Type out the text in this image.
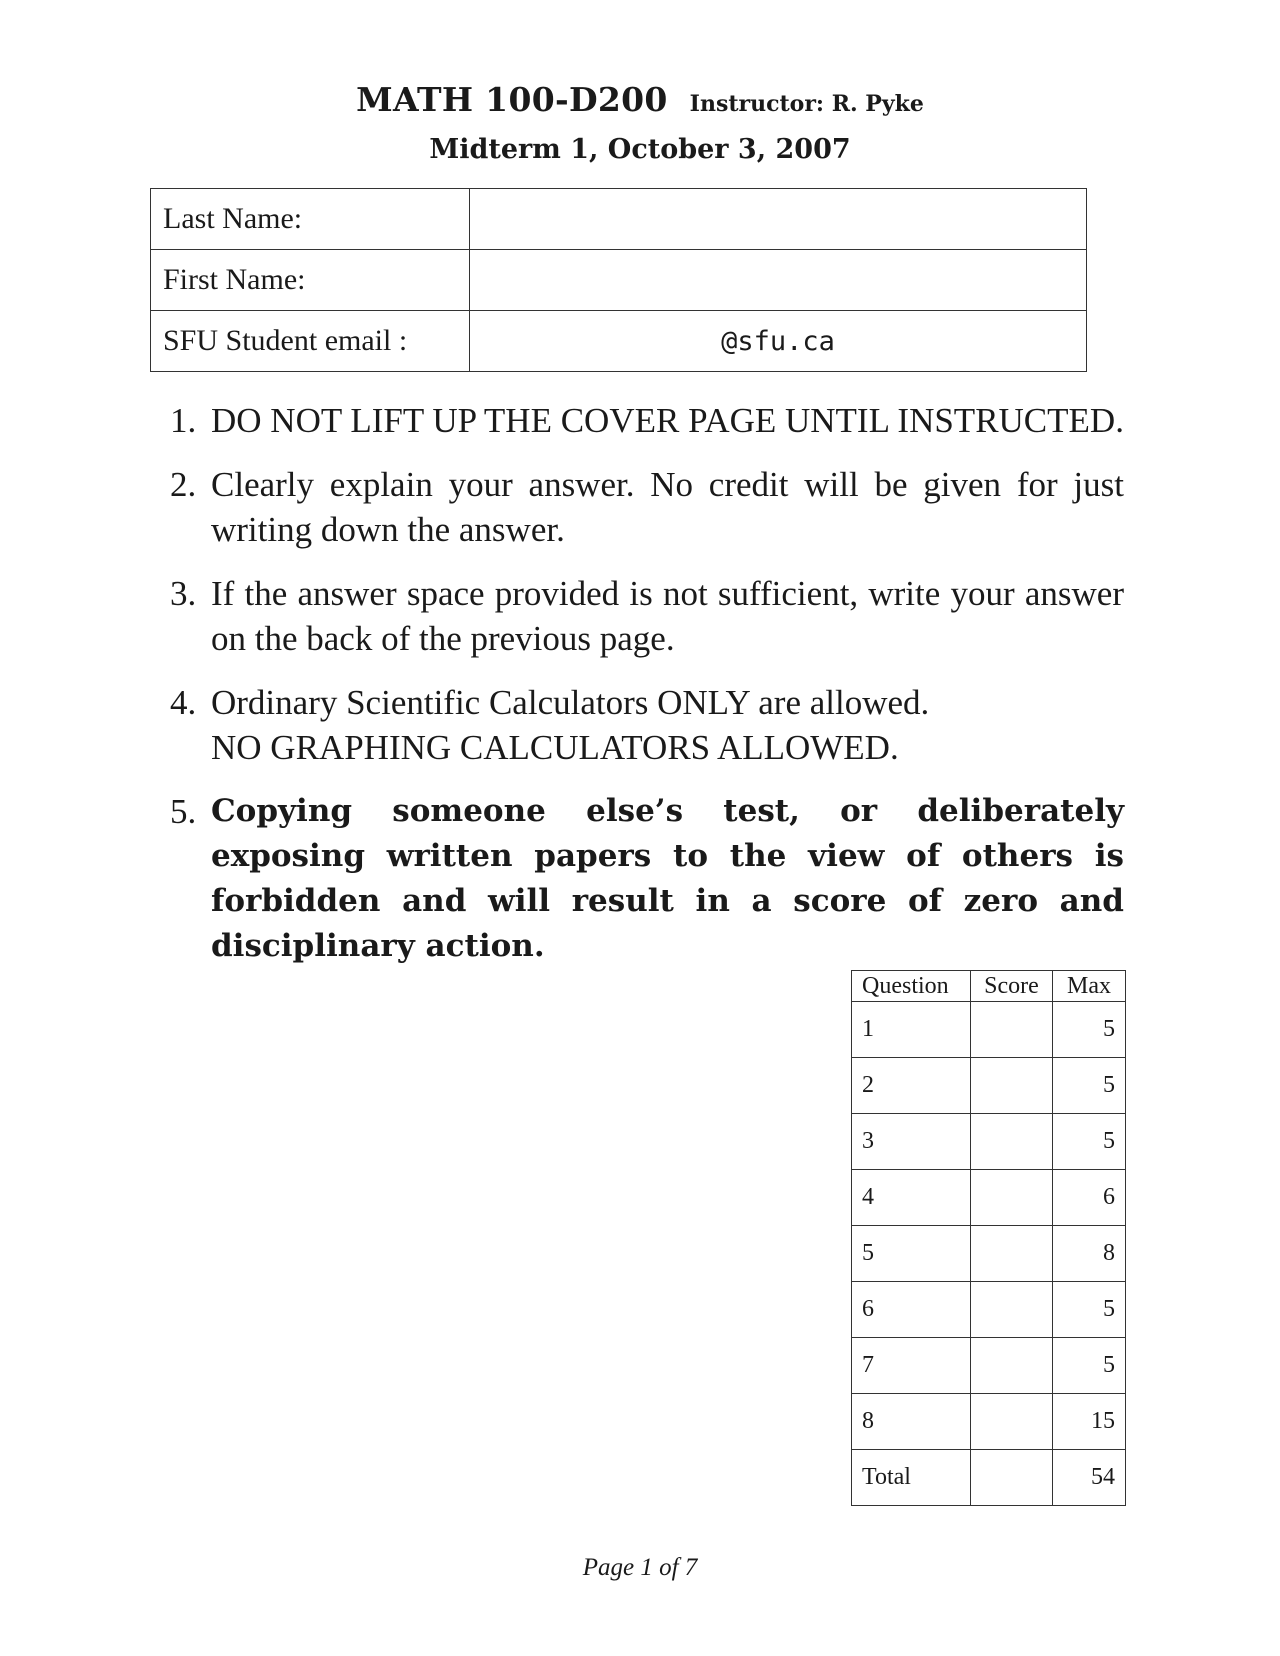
MATH 100-D200 Instructor: R. Pyke
Midterm 1, October 3, 2007
Last Name:	
First Name:	
SFU Student email :	@sfu.ca
1. DO NOT LIFT UP THE COVER PAGE UNTIL INSTRUCTED.
2. Clearly explain your answer. No credit will be given for just writing down the answer.
3. If the answer space provided is not sufficient, write your answer on the back of the previous page.
4. Ordinary Scientific Calculators ONLY are allowed.
NO GRAPHING CALCULATORS ALLOWED.
5. Copying someone else’s test, or deliberately exposing written papers to the view of others is forbidden and will result in a score of zero and disciplinary action.
Question	Score	Max
1		5
2		5
3		5
4		6
5		8
6		5
7		5
8		15
Total		54
Page 1 of 7
